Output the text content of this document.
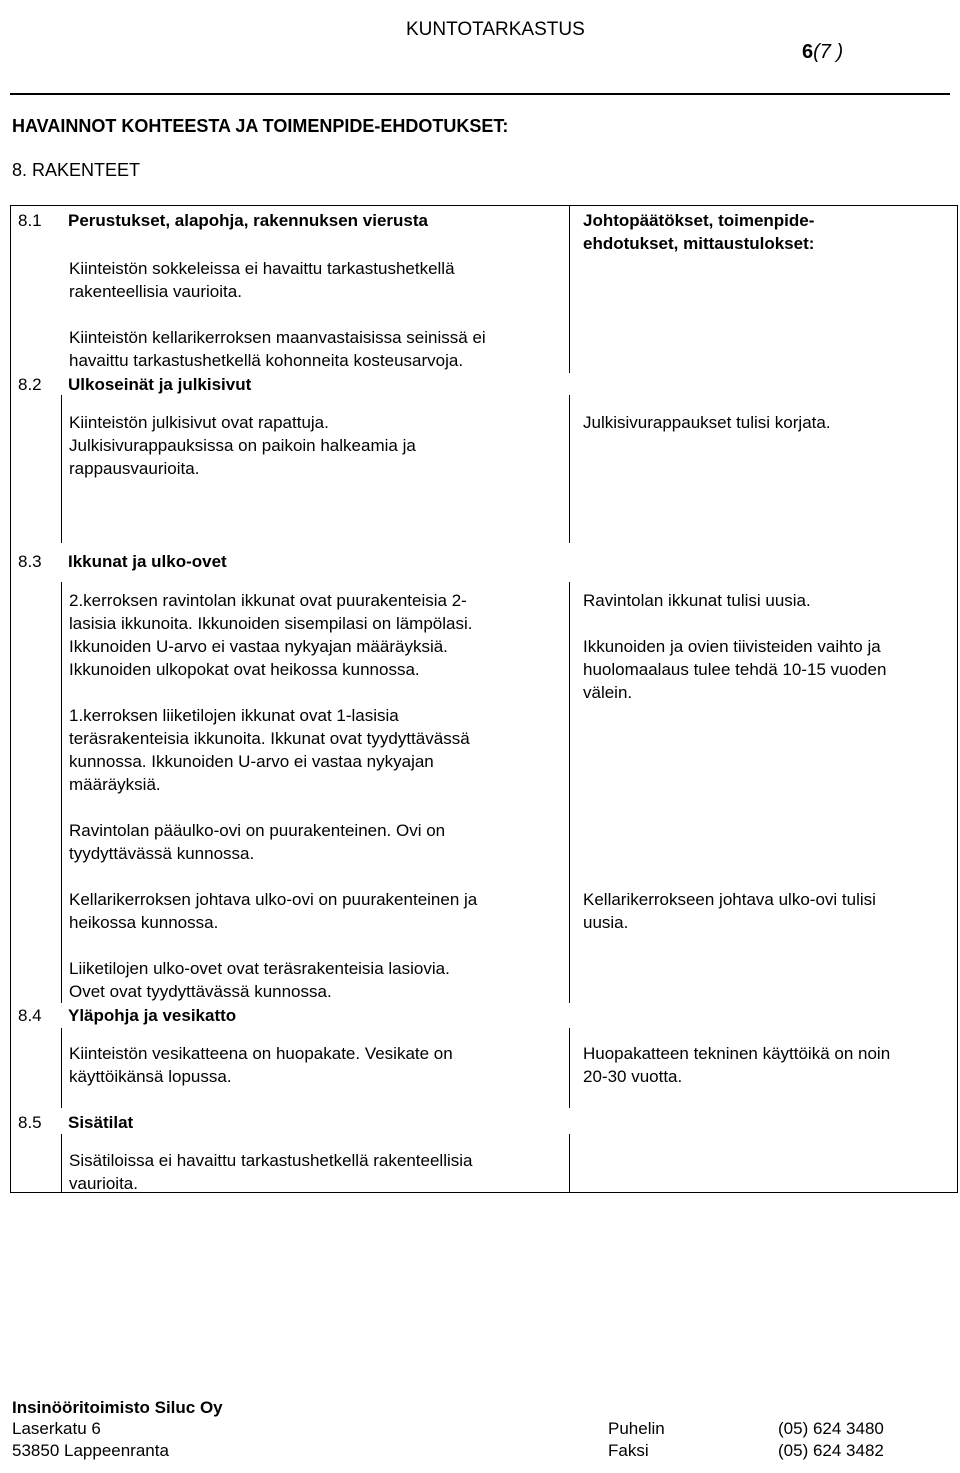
KUNTOTARKASTUS
6(7 )
HAVAINNOT KOHTEESTA JA TOIMENPIDE-EHDOTUKSET:
8. RAKENTEET
Johtopäätökset, toimenpide-
ehdotukset, mittaustulokset:
8.1 Perustukset, alapohja, rakennuksen vierusta
Kiinteistön sokkeleissa ei havaittu tarkastushetkellä
rakenteellisia vaurioita.
Kiinteistön kellarikerroksen maanvastaisissa seinissä ei
havaittu tarkastushetkellä kohonneita kosteusarvoja.
8.2 Ulkoseinät ja julkisivut
Kiinteistön julkisivut ovat rapattuja.
Julkisivurappauksissa on paikoin halkeamia ja
rappausvaurioita.
Julkisivurappaukset tulisi korjata.
8.3 Ikkunat ja ulko-ovet
2.kerroksen ravintolan ikkunat ovat puurakenteisia 2-
lasisia ikkunoita. Ikkunoiden sisempilasi on lämpölasi.
Ikkunoiden U-arvo ei vastaa nykyajan määräyksiä.
Ikkunoiden ulkopokat ovat heikossa kunnossa.
1.kerroksen liiketilojen ikkunat ovat 1-lasisia
teräsrakenteisia ikkunoita. Ikkunat ovat tyydyttävässä
kunnossa. Ikkunoiden U-arvo ei vastaa nykyajan
määräyksiä.
Ravintolan pääulko-ovi on puurakenteinen. Ovi on
tyydyttävässä kunnossa.
Kellarikerroksen johtava ulko-ovi on puurakenteinen ja
heikossa kunnossa.
Liiketilojen ulko-ovet ovat teräsrakenteisia lasiovia.
Ovet ovat tyydyttävässä kunnossa.
Ravintolan ikkunat tulisi uusia.
Ikkunoiden ja ovien tiivisteiden vaihto ja
huolomaalaus tulee tehdä 10-15 vuoden
välein.
Kellarikerrokseen johtava ulko-ovi tulisi
uusia.
8.4 Yläpohja ja vesikatto
Kiinteistön vesikatteena on huopakate. Vesikate on
käyttöikänsä lopussa.
Huopakatteen tekninen käyttöikä on noin
20-30 vuotta.
8.5 Sisätilat
Sisätiloissa ei havaittu tarkastushetkellä rakenteellisia
vaurioita.
Insinööritoimisto Siluc Oy
Laserkatu 6
53850 Lappeenranta
Puhelin
Faksi
(05) 624 3480
(05) 624 3482
